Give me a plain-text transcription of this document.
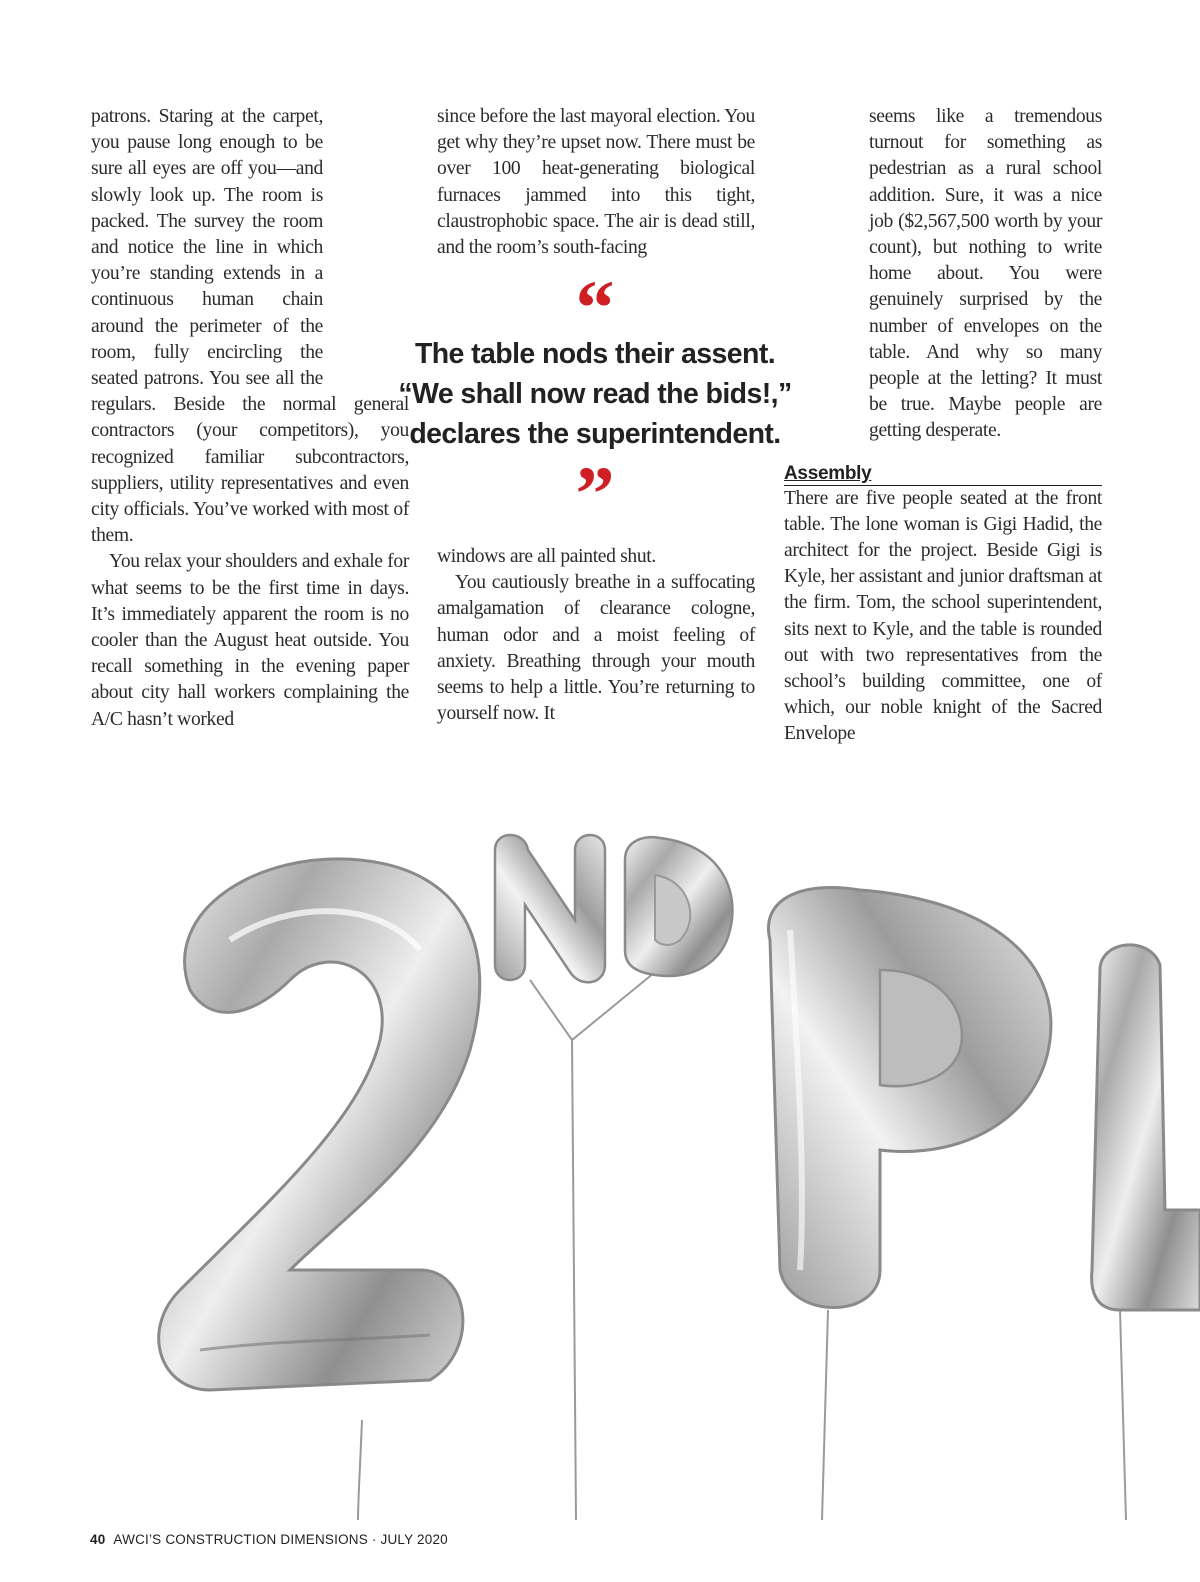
patrons. Staring at the carpet, you pause long enough to be sure all eyes are off you—and slowly look up. The room is packed. The survey the room and notice the line in which you’re standing extends in a continuous human chain around the perimeter of the room, fully encircling the seated patrons. You see all the regulars. Beside the normal general contractors (your competitors), you recognized familiar subcontractors, suppliers, utility representatives and even city officials. You’ve worked with most of them.

You relax your shoulders and exhale for what seems to be the first time in days. It’s immediately apparent the room is no cooler than the August heat outside. You recall something in the evening paper about city hall workers complaining the A/C hasn’t worked

since before the last mayoral election. You get why they’re upset now. There must be over 100 heat-generating biological furnaces jammed into this tight, claustrophobic space. The air is dead still, and the room’s south-facing

windows are all painted shut.

You cautiously breathe in a suffocating amalgamation of clearance cologne, human odor and a moist feeling of anxiety. Breathing through your mouth seems to help a little. You’re returning to yourself now. It

seems like a tremendous turnout for something as pedestrian as a rural school addition. Sure, it was a nice job ($2,567,500 worth by your count), but nothing to write home about. You were genuinely surprised by the number of envelopes on the table. And why so many people at the letting? It must be true. Maybe people are getting desperate.

Assembly

There are five people seated at the front table. The lone woman is Gigi Hadid, the architect for the project. Beside Gigi is Kyle, her assistant and junior draftsman at the firm. Tom, the school superintendent, sits next to Kyle, and the table is rounded out with two representatives from the school’s building committee, one of which, our noble knight of the Sacred Envelope

“
The table nods their assent.
“We shall now read the bids!,”
declares the superintendent.
”
40 AWCI’S CONSTRUCTION DIMENSIONS · JULY 2020
